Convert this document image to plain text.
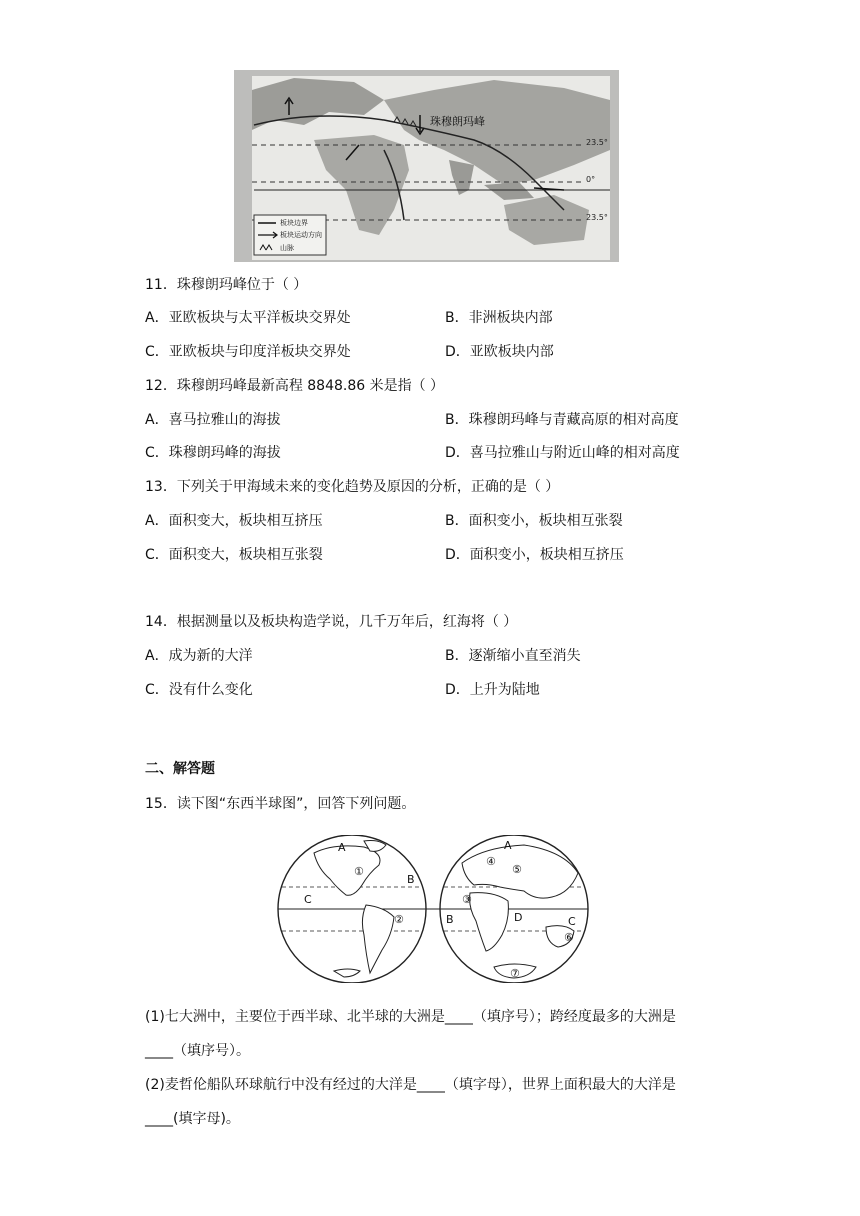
珠穆朗玛峰
23.5°
0°
23.5°
板块边界
板块运动方向
山脉
11．珠穆朗玛峰位于（ ）
A．亚欧板块与太平洋板块交界处	B．非洲板块内部
C．亚欧板块与印度洋板块交界处	D．亚欧板块内部
12．珠穆朗玛峰最新高程 8848.86 米是指（ ）
A．喜马拉雅山的海拔	B．珠穆朗玛峰与青藏高原的相对高度
C．珠穆朗玛峰的海拔	D．喜马拉雅山与附近山峰的相对高度
13．下列关于甲海域未来的变化趋势及原因的分析，正确的是（ ）
A．面积变大，板块相互挤压	B．面积变小，板块相互张裂
C．面积变大，板块相互张裂	D．面积变小，板块相互挤压
14．根据测量以及板块构造学说，几千万年后，红海将（ ）
A．成为新的大洋	B．逐渐缩小直至消失
C．没有什么变化	D．上升为陆地
二、解答题
15．读下图“东西半球图”，回答下列问题。
A
B
C
①
②
A
④
⑤
③
B	D	C
⑥
⑦
(1)七大洲中，主要位于西半球、北半球的大洲是____（填序号）；跨经度最多的大洲是
____（填序号）。
(2)麦哲伦船队环球航行中没有经过的大洋是____（填字母），世界上面积最大的大洋是
____(填字母)。
